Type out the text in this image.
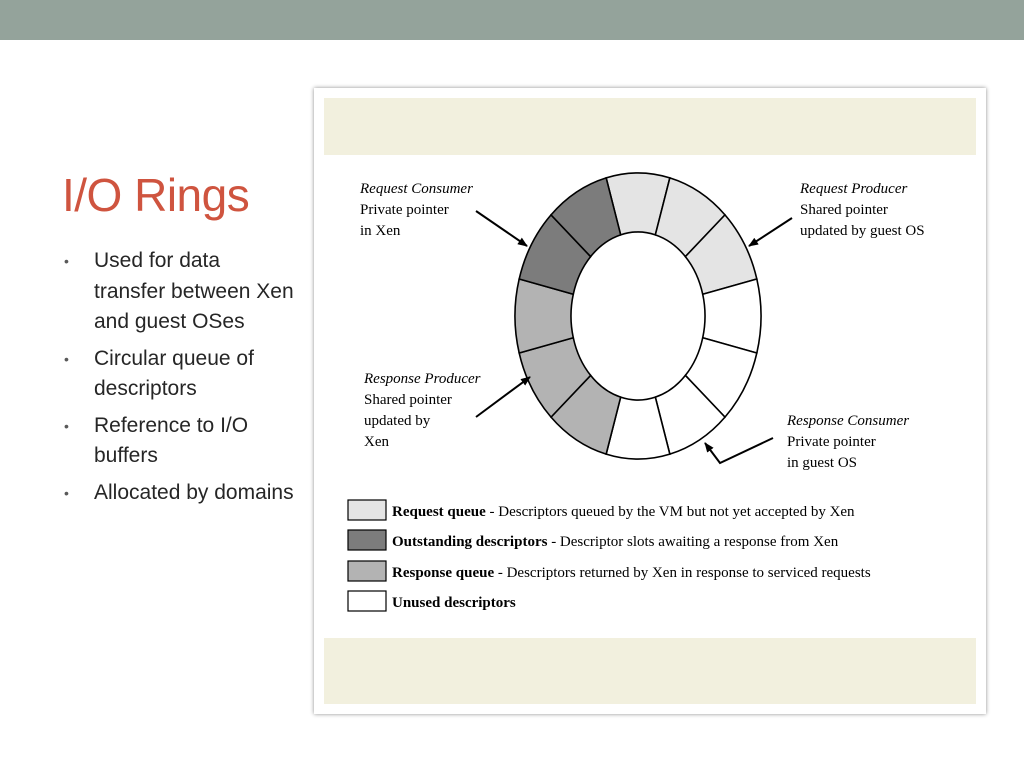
I/O Rings
• Used for data transfer between Xen and guest OSes
• Circular queue of descriptors
• Reference to I/O buffers
• Allocated by domains
Request Consumer
Private pointer
in Xen
Request Producer
Shared pointer
updated by guest OS
Response Producer
Shared pointer
updated by
Xen
Response Consumer
Private pointer
in guest OS
Request queue - Descriptors queued by the VM but not yet accepted by Xen
Outstanding descriptors - Descriptor slots awaiting a response from Xen
Response queue - Descriptors returned by Xen in response to serviced requests
Unused descriptors
